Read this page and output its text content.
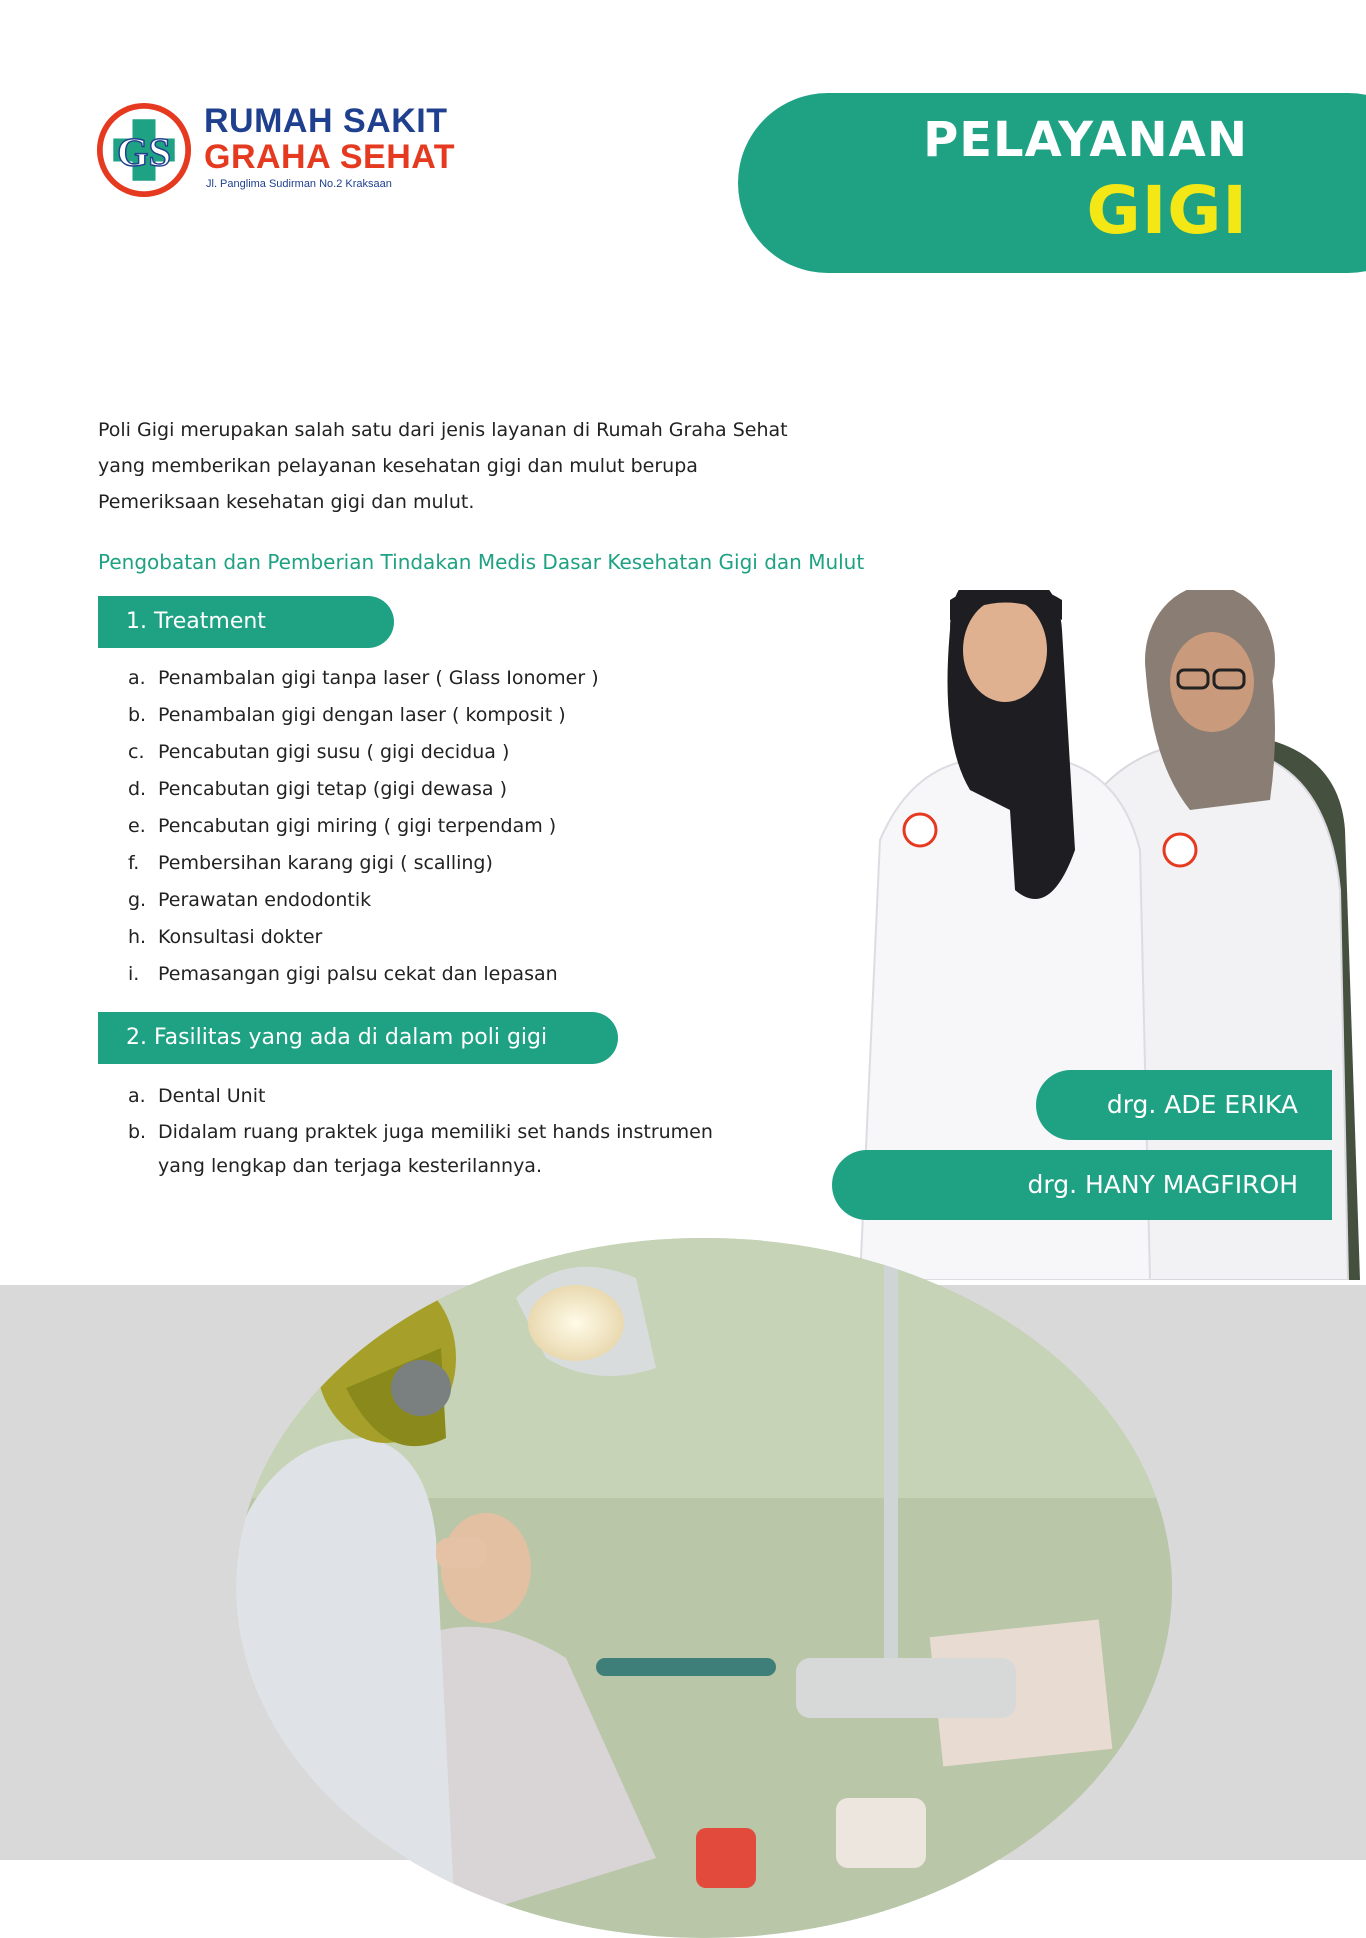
GS
RUMAH SAKIT
GRAHA SEHAT
Jl. Panglima Sudirman No.2 Kraksaan
PELAYANAN
GIGI
Poli Gigi merupakan salah satu dari jenis layanan di Rumah Graha Sehat
yang memberikan pelayanan kesehatan gigi dan mulut berupa
Pemeriksaan kesehatan gigi dan mulut.
Pengobatan dan Pemberian Tindakan Medis Dasar Kesehatan Gigi dan Mulut
1. Treatment
a. Penambalan gigi tanpa laser ( Glass Ionomer )
b. Penambalan gigi dengan laser ( komposit )
c. Pencabutan gigi susu ( gigi decidua )
d. Pencabutan gigi tetap (gigi dewasa )
e. Pencabutan gigi miring ( gigi terpendam )
f. Pembersihan karang gigi ( scalling)
g. Perawatan endodontik
h. Konsultasi dokter
i. Pemasangan gigi palsu cekat dan lepasan
2. Fasilitas yang ada di dalam poli gigi
a. Dental Unit
b. Didalam ruang praktek juga memiliki set hands instrumen
yang lengkap dan terjaga kesterilannya.
drg. ADE ERIKA
drg. HANY MAGFIROH
